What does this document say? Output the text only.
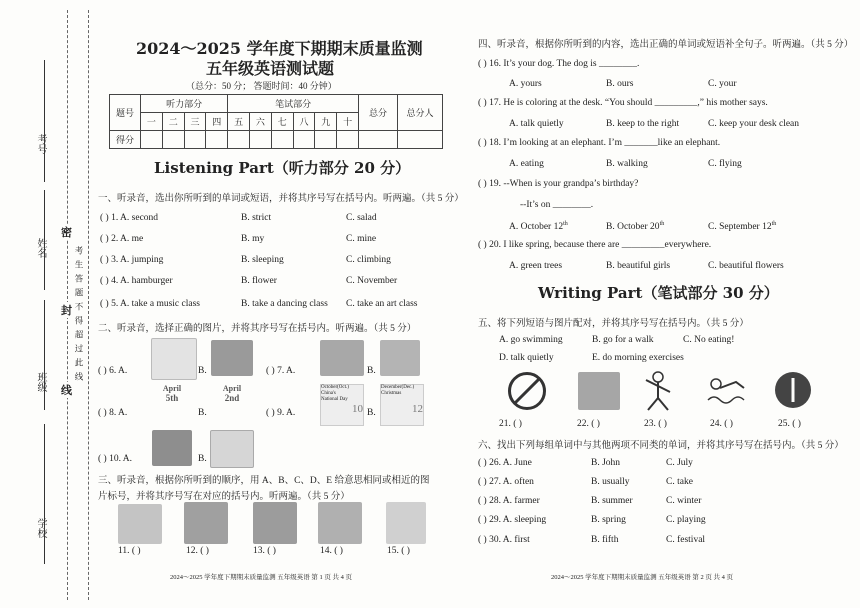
考号
姓名
班级
学校
密
封
线
考生答题不得超过此线
2024～2025 学年度下期期末质量监测
五年级英语测试题
（总分：50 分； 答题时间：40 分钟）
题号	听力部分				笔试部分						总分	总分人
	一	二	三	四	五	六	七	八	九	十		
得分												
Listening Part（听力部分 20 分）
一、听录音，选出你所听到的单词或短语，并将其序号写在括号内。听两遍。（共 5 分）
( ) 1. A. second	B. strict	C. salad
( ) 2. A. me	B. my	C. mine
( ) 3. A. jumping	B. sleeping	C. climbing
( ) 4. A. hamburger	B. flower	C. November
( ) 5. A. take a music class	B. take a dancing class C. take an art class
二、听录音，选择正确的图片，并将其序号写在括号内。听两遍。（共 5 分）
( ) 6. A.	B.	( ) 7. A.	B.
( ) 8. A.
April
5th
B.
April
2nd
( ) 9. A.
October(Oct.)
China's
National Day
10 B.
December(Dec.)
Christmas
12
( ) 10. A.	B.
三、听录音，根据你所听到的顺序，用 A、B、C、D、E 给意思相同或相近的图
片标号，并将其序号写在对应的括号内。听两遍。（共 5 分）
11. ( )	12. ( )	13. ( )	14. ( )	15. ( )
2024～2025 学年度下期期末质量监测 五年级英语 第 1 页 共 4 页
四、听录音，根据你所听到的内容，选出正确的单词或短语补全句子。听两遍。（共 5 分）
( ) 16. It’s your dog. The dog is ________.
A. yours	B. ours	C. your
( ) 17. He is coloring at the desk. “You should _________,” his mother says.
A. talk quietly	B. keep to the right	C. keep your desk clean
( ) 18. I’m looking at an elephant. I’m _______like an elephant.
A. eating	B. walking	C. flying
( ) 19. --When is your grandpa’s birthday?
--It’s on ________.
A. October 12th	B. October 20th	C. September 12th
( ) 20. I like spring, because there are _________everywhere.
A. green trees	B. beautiful girls	C. beautiful flowers
Writing Part（笔试部分 30 分）
五、将下列短语与图片配对，并将其序号写在括号内。（共 5 分）
A. go swimming	B. go for a walk	C. No eating!
D. talk quietly	E. do morning exercises
21. ( )	22. ( )	23. ( )	24. ( )	25. ( )
六、找出下列每组单词中与其他两项不同类的单词，并将其序号写在括号内。（共 5 分）
( ) 26. A. June	B. John	C. July
( ) 27. A. often	B. usually	C. take
( ) 28. A. farmer	B. summer	C. winter
( ) 29. A. sleeping	B. spring	C. playing
( ) 30. A. first	B. fifth	C. festival
2024～2025 学年度下期期末质量监测 五年级英语 第 2 页 共 4 页
